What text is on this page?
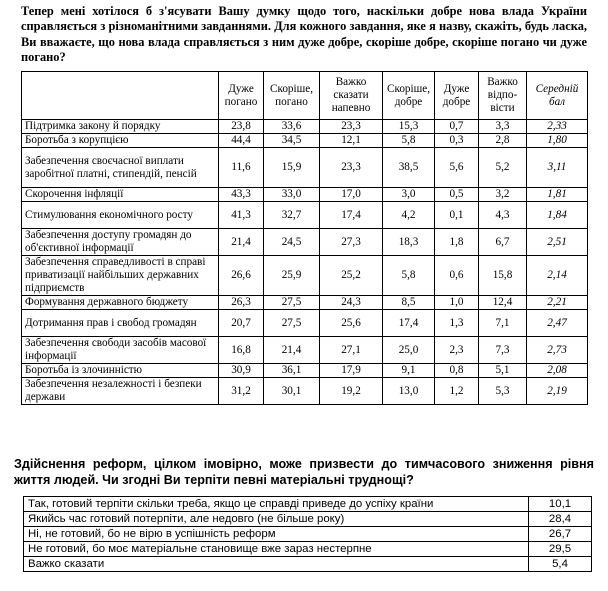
Тепер мені хотілося б з'ясувати Вашу думку щодо того, наскільки добре нова влада України справляється з різноманітними завданнями. Для кожного завдання, яке я назву, скажіть, будь ласка, Ви вважаєте, що нова влада справляється з ним дуже добре, скоріше добре, скоріше погано чи дуже погано?
	Дуже погано	Скоріше, погано	Важко сказати напевно	Скоріше, добре	Дуже добре	Важко відпо-вісти	Середній бал
Підтримка закону й порядку	23,8	33,6	23,3	15,3	0,7	3,3	2,33
Боротьба з корупцією	44,4	34,5	12,1	5,8	0,3	2,8	1,80
Забезпечення своєчасної виплати заробітної платні, стипендій, пенсій	11,6	15,9	23,3	38,5	5,6	5,2	3,11
Скорочення інфляції	43,3	33,0	17,0	3,0	0,5	3,2	1,81
Стимулювання економічного росту	41,3	32,7	17,4	4,2	0,1	4,3	1,84
Забезпечення доступу громадян до об'єктивної інформації	21,4	24,5	27,3	18,3	1,8	6,7	2,51
Забезпечення справедливості в справі приватизації найбільших державних підприємств	26,6	25,9	25,2	5,8	0,6	15,8	2,14
Формування державного бюджету	26,3	27,5	24,3	8,5	1,0	12,4	2,21
Дотримання прав і свобод громадян	20,7	27,5	25,6	17,4	1,3	7,1	2,47
Забезпечення свободи засобів масової інформації	16,8	21,4	27,1	25,0	2,3	7,3	2,73
Боротьба із злочинністю	30,9	36,1	17,9	9,1	0,8	5,1	2,08
Забезпечення незалежності і безпеки держави	31,2	30,1	19,2	13,0	1,2	5,3	2,19
Здійснення реформ, цілком імовірно, може призвести до тимчасового зниження рівня життя людей. Чи згодні Ви терпіти певні матеріальні труднощі?
Так, готовий терпіти скільки треба, якщо це справді приведе до успіху країни	10,1
Якийсь час готовий потерпіти, але недовго (не більше року)	28,4
Ні, не готовий, бо не вірю в успішність реформ	26,7
Не готовий, бо моє матеріальне становище вже зараз нестерпне	29,5
Важко сказати	5,4
